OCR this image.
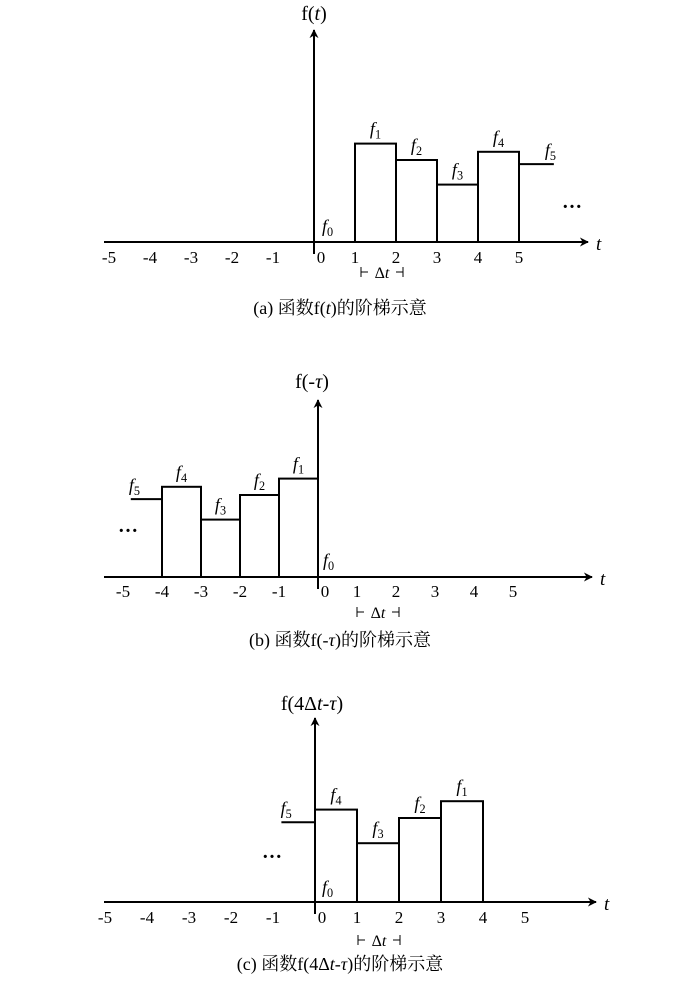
f(t)
t
-5 -4 -3 -2 -1 0 1 2 3 4 5
$f_1$
$f_2$
$f_3$
$f_4$ $f_5$
$f_0$
…
Δt
(a) 函数f(t)的阶梯示意
f(-τ)
t
-5 -4 -3 -2 -1 0 1 2 3 4 5
$f_1$
$f_2$
$f_3$
$f_4$
$f_5$
$f_0$
…
Δt
(b) 函数f(-τ)的阶梯示意
f(4Δt-τ)
t
-5 -4 -3 -2 -1 0 1 2 3 4 5
$f_1$
$f_2$
$f_3$
$f_4$
$f_5$
$f_0$
…
Δt
(c) 函数f(4Δt-τ)的阶梯示意
